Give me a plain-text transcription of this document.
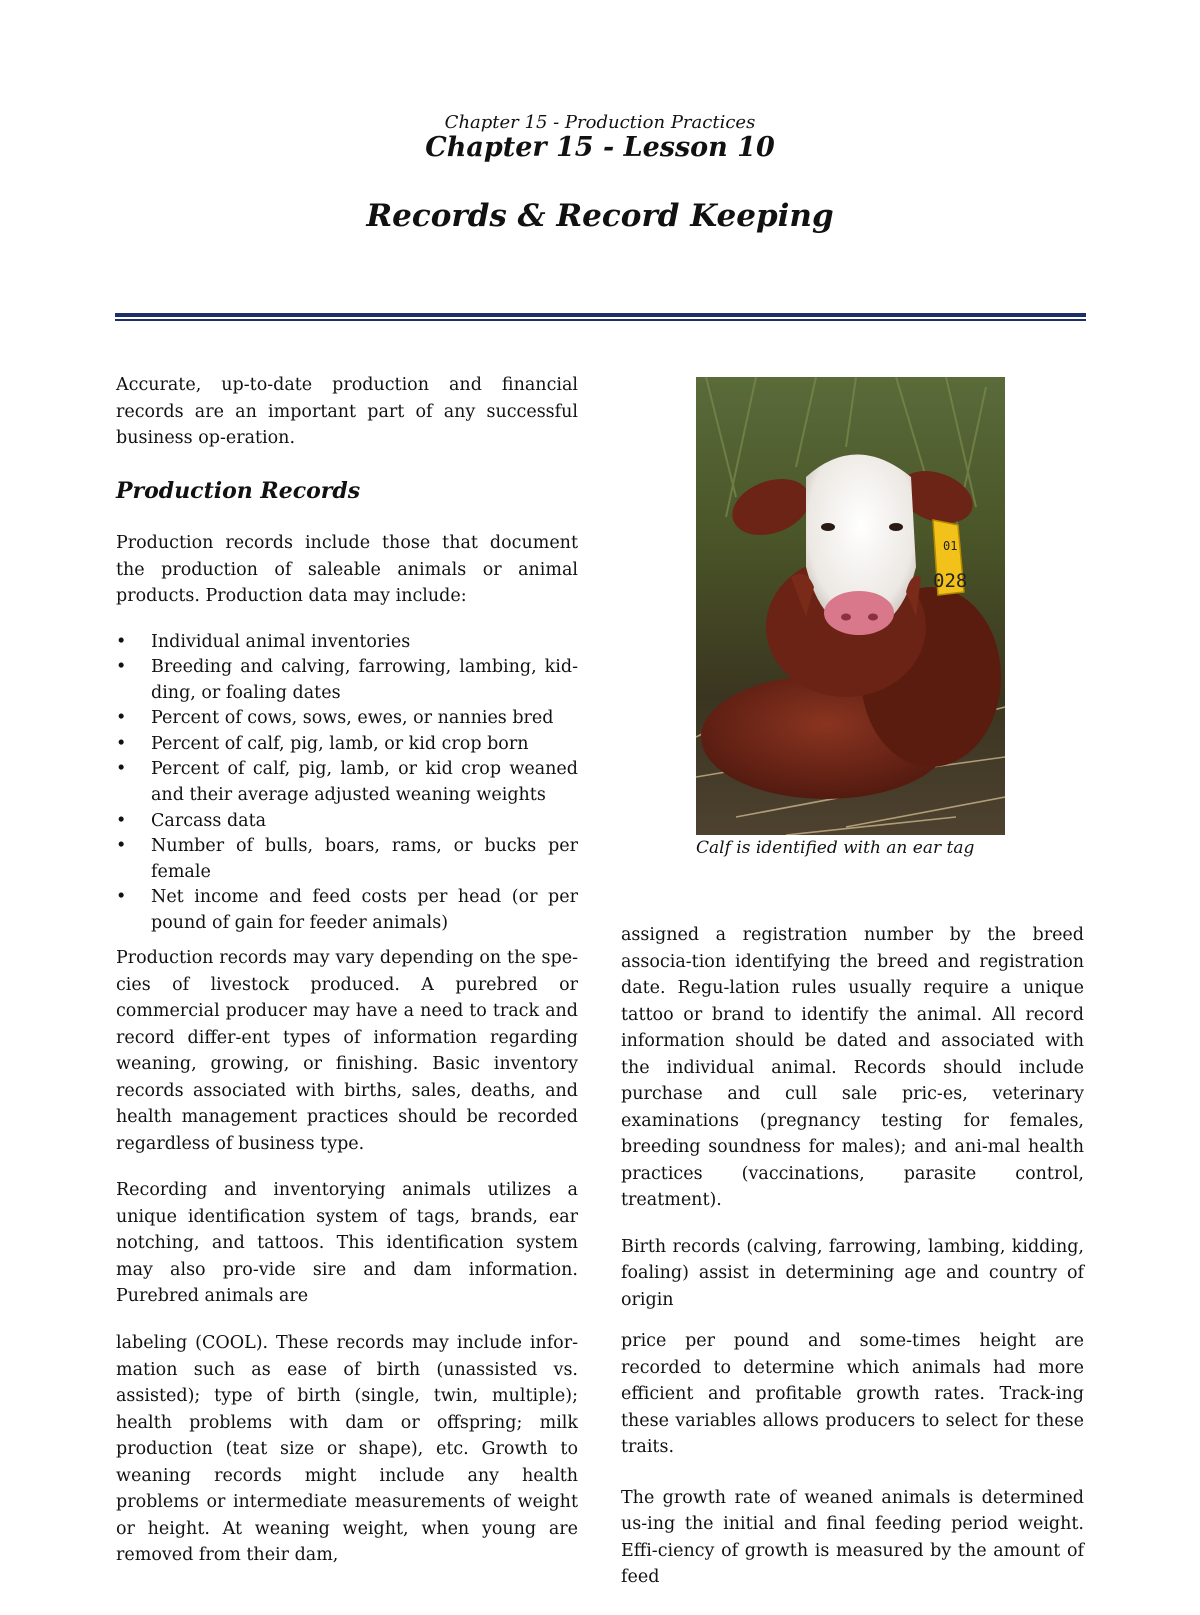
Chapter 15 - Production Practices
Chapter 15 - Lesson 10
Records & Record Keeping

Accurate, up-to-date production and financial records are an important part of any successful business op-eration.

Production Records

Production records include those that document the production of saleable animals or animal products. Production data may include:

• Individual animal inventories
• Breeding and calving, farrowing, lambing, kid-ding, or foaling dates
• Percent of cows, sows, ewes, or nannies bred
• Percent of calf, pig, lamb, or kid crop born
• Percent of calf, pig, lamb, or kid crop weaned and their average adjusted weaning weights
• Carcass data
• Number of bulls, boars, rams, or bucks per female
• Net income and feed costs per head (or per pound of gain for feeder animals)

Production records may vary depending on the spe-cies of livestock produced. A purebred or commercial producer may have a need to track and record differ-ent types of information regarding weaning, growing, or finishing. Basic inventory records associated with births, sales, deaths, and health management practices should be recorded regardless of business type.

Recording and inventorying animals utilizes a unique identification system of tags, brands, ear notching, and tattoos. This identification system may also pro-vide sire and dam information. Purebred animals are

01
028
Calf is identified with an ear tag

assigned a registration number by the breed associa-tion identifying the breed and registration date. Regu-lation rules usually require a unique tattoo or brand to identify the animal. All record information should be dated and associated with the individual animal. Records should include purchase and cull sale pric-es, veterinary examinations (pregnancy testing for females, breeding soundness for males); and ani-mal health practices (vaccinations, parasite control, treatment).

Birth records (calving, farrowing, lambing, kidding, foaling) assist in determining age and country of origin

labeling (COOL). These records may include infor-mation such as ease of birth (unassisted vs. assisted); type of birth (single, twin, multiple); health problems with dam or offspring; milk production (teat size or shape), etc. Growth to weaning records might include any health problems or intermediate measurements of weight or height. At weaning weight, when young are removed from their dam,

price per pound and some-times height are recorded to determine which animals had more efficient and profitable growth rates. Track-ing these variables allows producers to select for these traits.

The growth rate of weaned animals is determined us-ing the initial and final feeding period weight. Effi-ciency of growth is measured by the amount of feed
